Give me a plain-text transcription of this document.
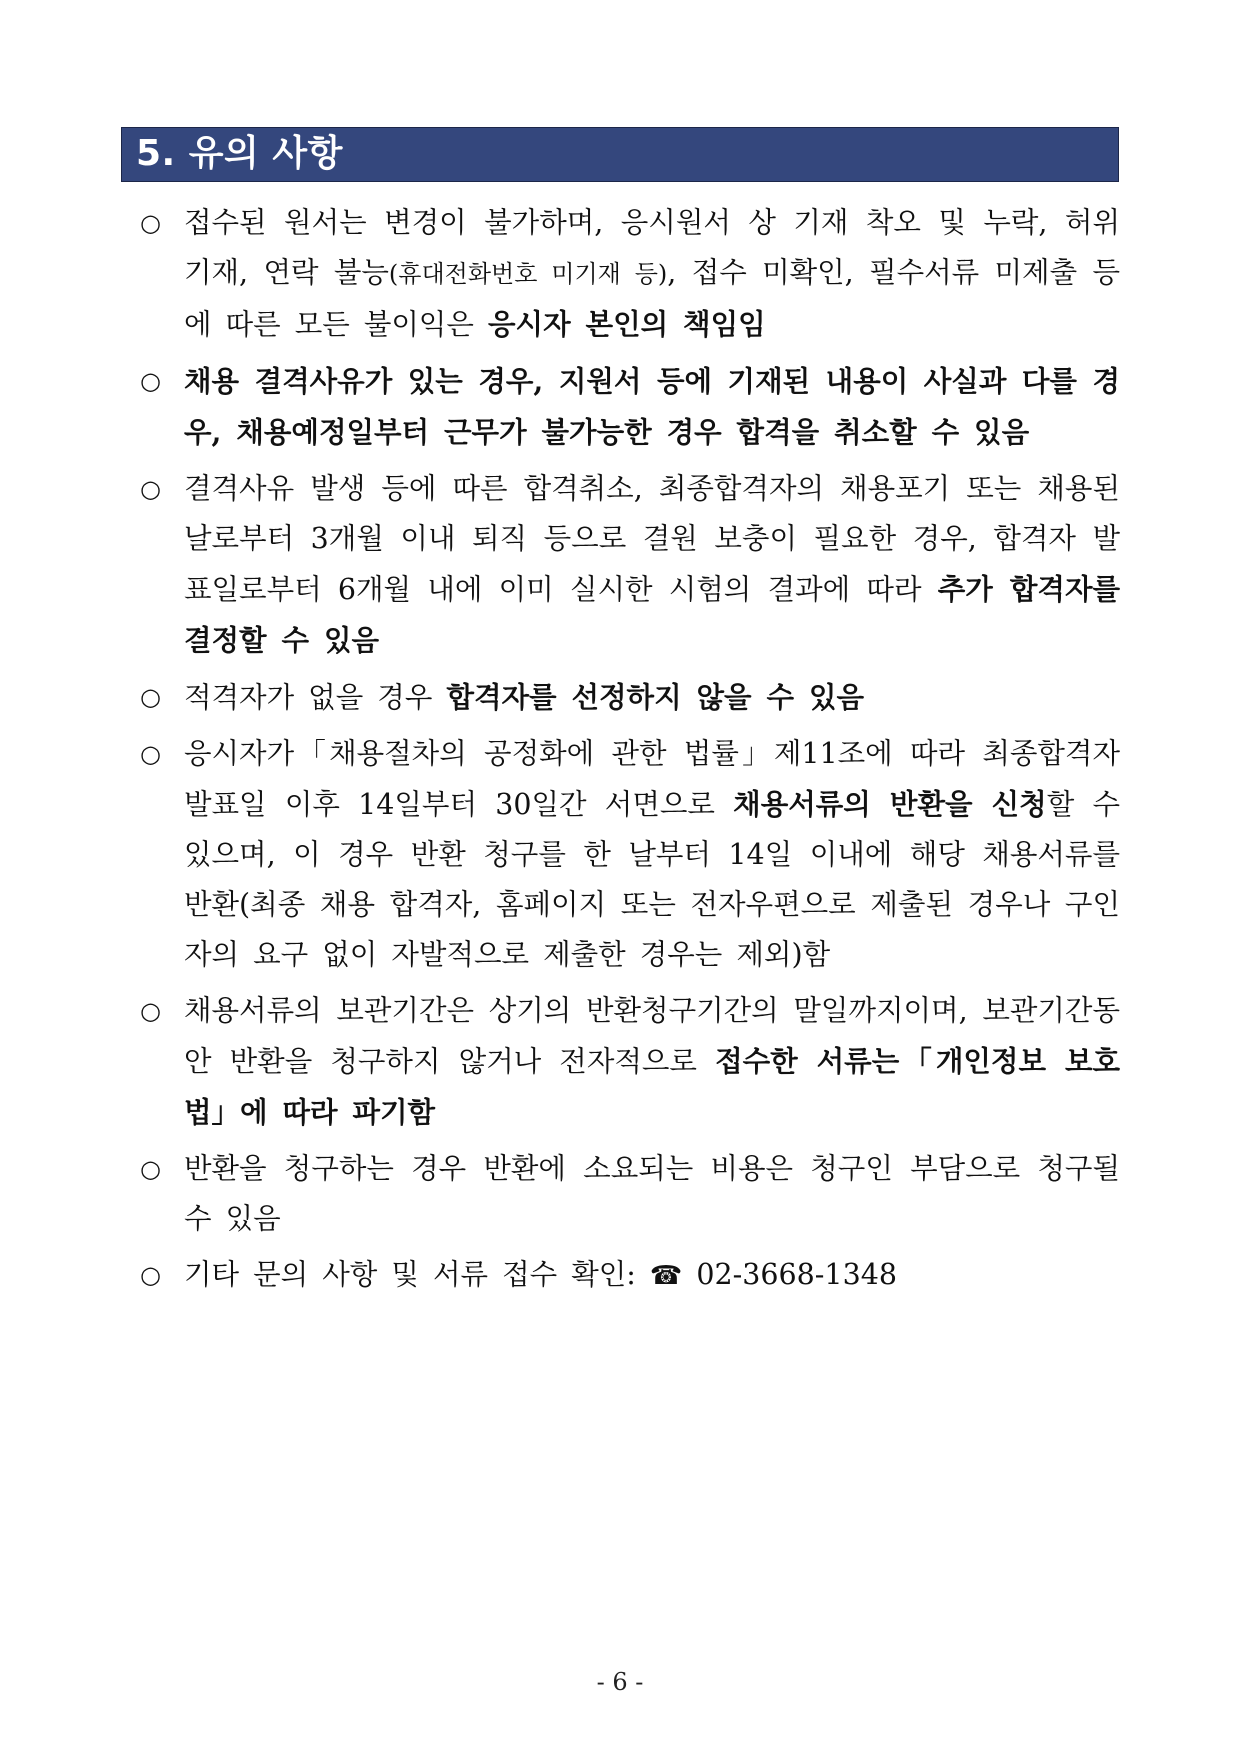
5. 유의 사항
○ 접수된 원서는 변경이 불가하며, 응시원서 상 기재 착오 및 누락, 허위 기재, 연락 불능(휴대전화번호 미기재 등), 접수 미확인, 필수서류 미제출 등에 따른 모든 불이익은 응시자 본인의 책임임
○ 채용 결격사유가 있는 경우, 지원서 등에 기재된 내용이 사실과 다를 경우, 채용예정일부터 근무가 불가능한 경우 합격을 취소할 수 있음
○ 결격사유 발생 등에 따른 합격취소, 최종합격자의 채용포기 또는 채용된 날로부터 3개월 이내 퇴직 등으로 결원 보충이 필요한 경우, 합격자 발표일로부터 6개월 내에 이미 실시한 시험의 결과에 따라 추가 합격자를 결정할 수 있음
○ 적격자가 없을 경우 합격자를 선정하지 않을 수 있음
○ 응시자가「채용절차의 공정화에 관한 법률」제11조에 따라 최종합격자 발표일 이후 14일부터 30일간 서면으로 채용서류의 반환을 신청할 수 있으며, 이 경우 반환 청구를 한 날부터 14일 이내에 해당 채용서류를 반환(최종 채용 합격자, 홈페이지 또는 전자우편으로 제출된 경우나 구인자의 요구 없이 자발적으로 제출한 경우는 제외)함
○ 채용서류의 보관기간은 상기의 반환청구기간의 말일까지이며, 보관기간동안 반환을 청구하지 않거나 전자적으로 접수한 서류는「개인정보 보호법」에 따라 파기함
○ 반환을 청구하는 경우 반환에 소요되는 비용은 청구인 부담으로 청구될 수 있음
○ 기타 문의 사항 및 서류 접수 확인: ☎ 02-3668-1348
- 6 -
